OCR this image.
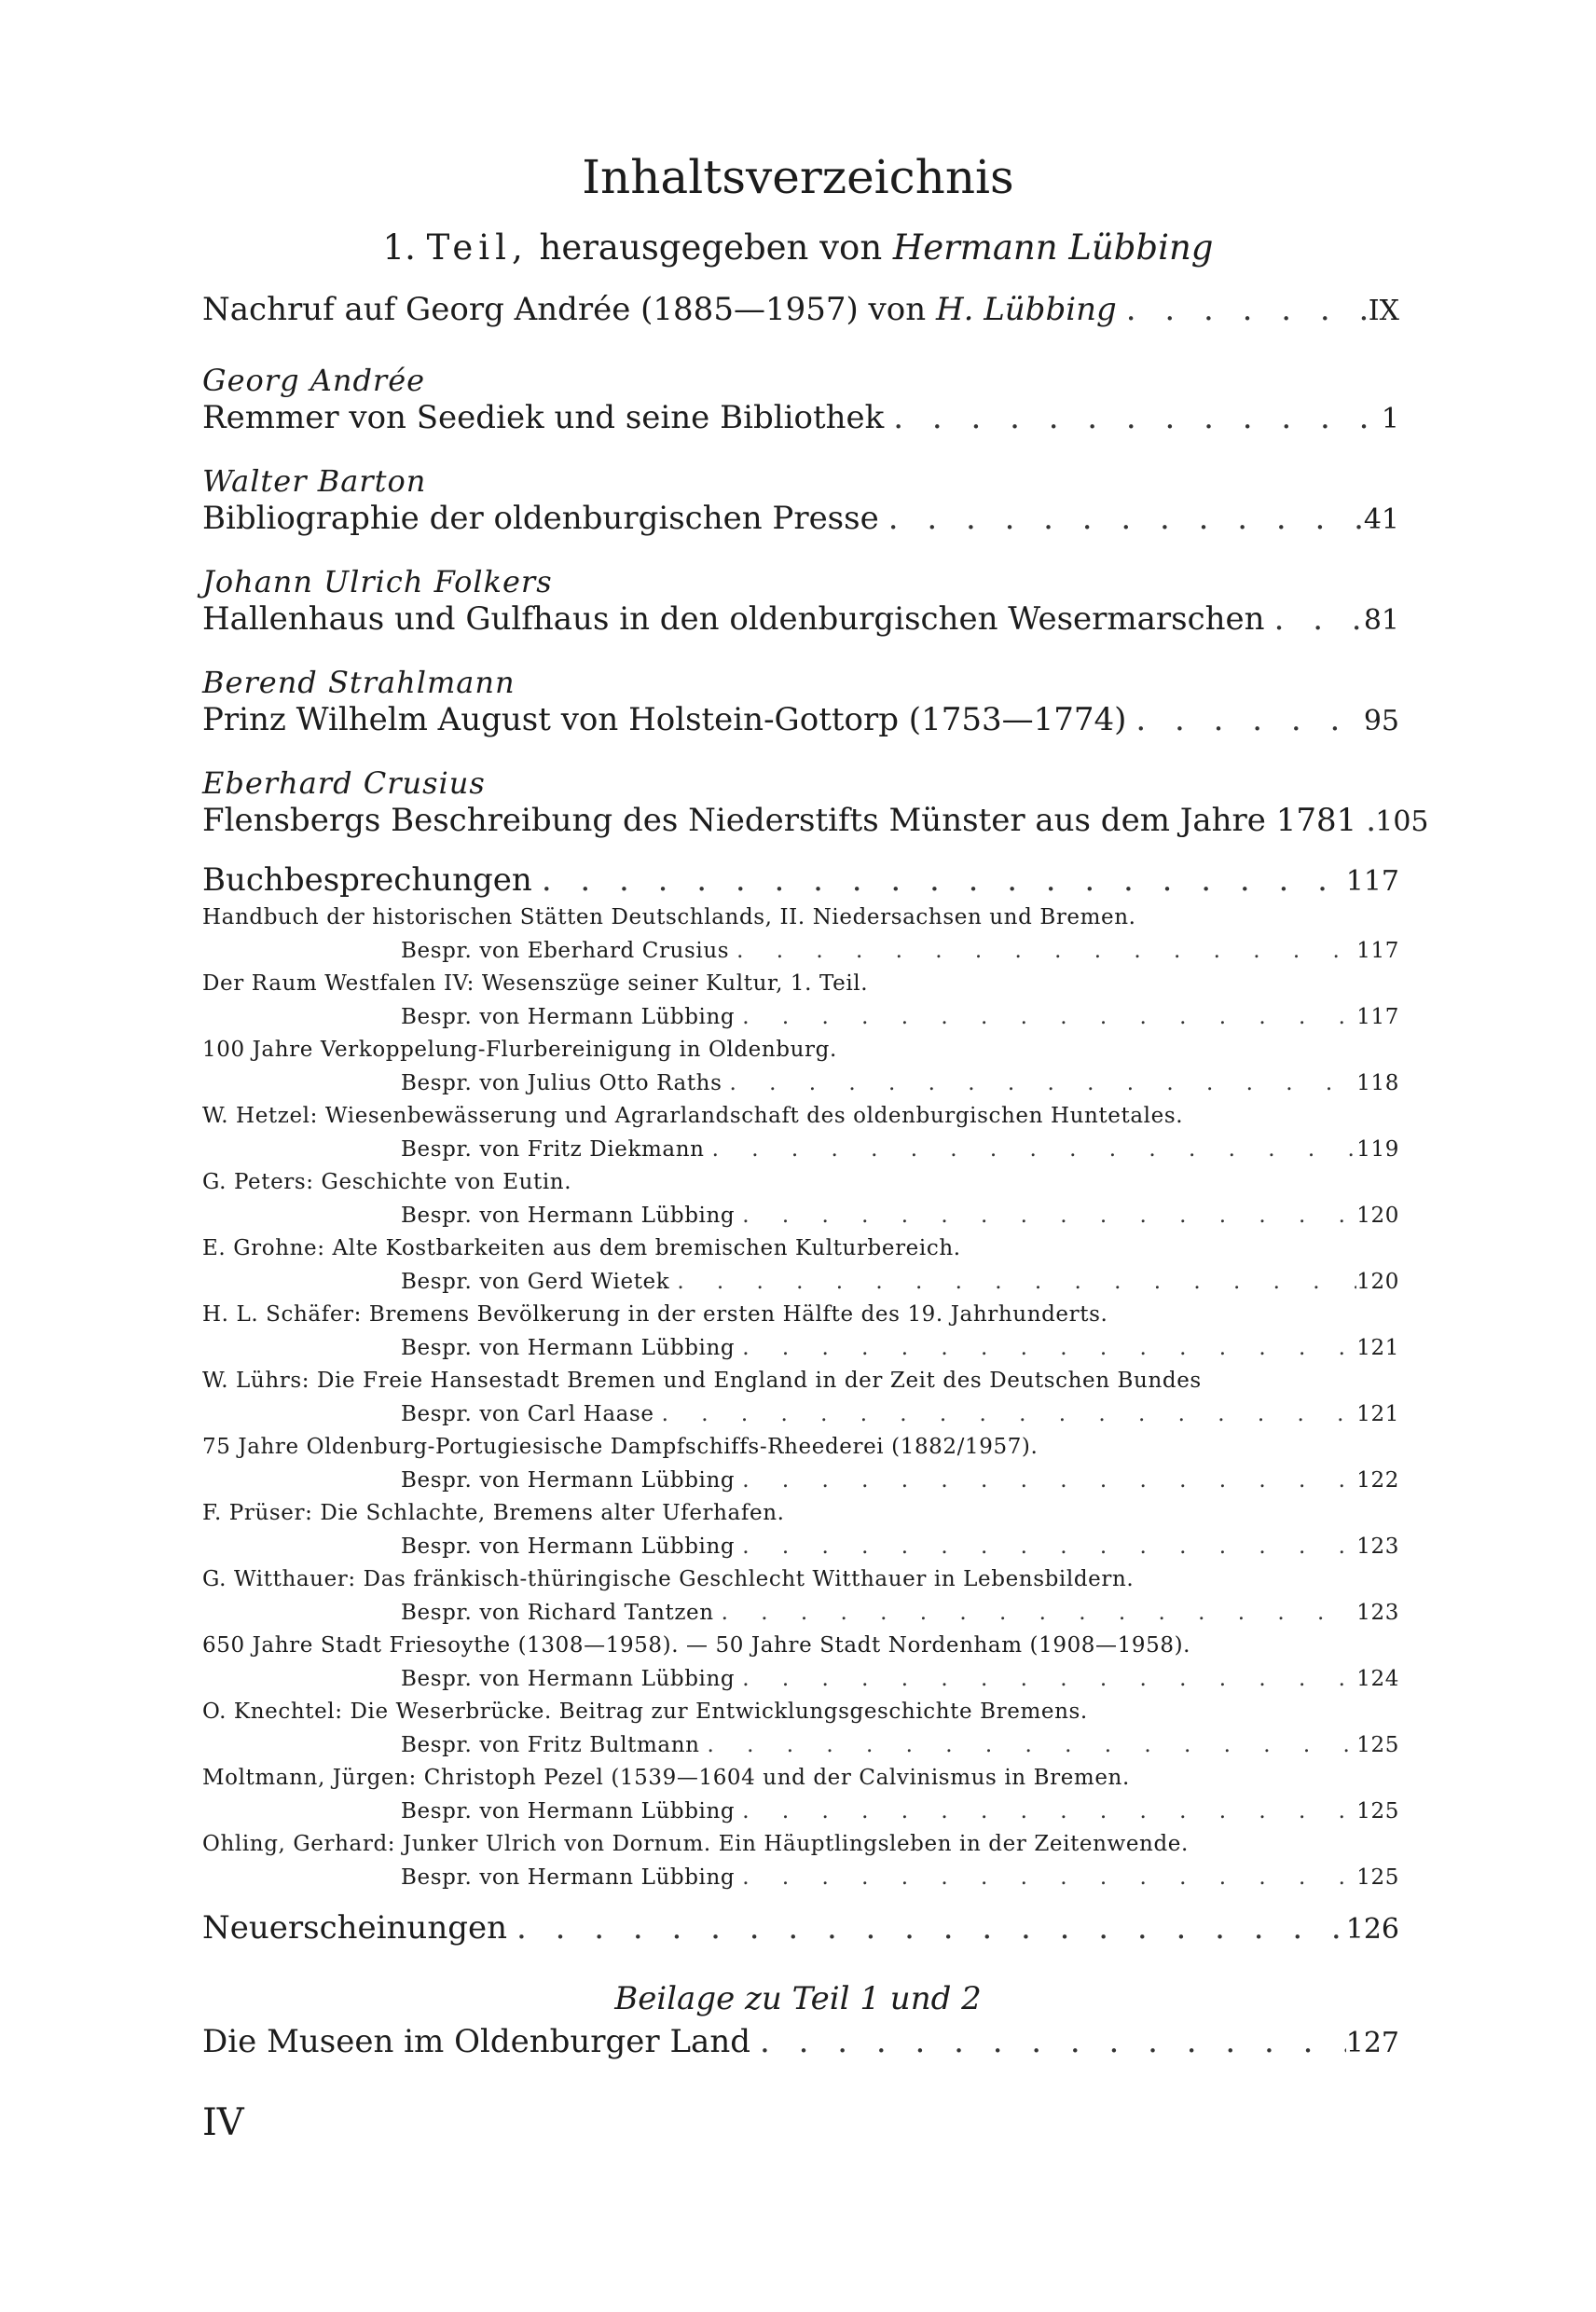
Inhaltsverzeichnis
1. Teil, herausgegeben von Hermann Lübbing
Nachruf auf Georg Andrée (1885—1957) von H. Lübbing . . .	IX
Georg Andrée
Remmer von Seediek und seine Bibliothek . . .	1
Walter Barton
Bibliographie der oldenburgischen Presse . . .	41
Johann Ulrich Folkers
Hallenhaus und Gulfhaus in den oldenburgischen Wesermarschen . . .	81
Berend Strahlmann
Prinz Wilhelm August von Holstein-Gottorp (1753—1774) . . .	95
Eberhard Crusius
Flensbergs Beschreibung des Niederstifts Münster aus dem Jahre 1781 . . . 105
Buchbesprechungen . . .	117
Handbuch der historischen Stätten Deutschlands, II. Niedersachsen und Bremen.
Bespr. von Eberhard Crusius . . .	117
Der Raum Westfalen IV: Wesenszüge seiner Kultur, 1. Teil.
Bespr. von Hermann Lübbing . . .	117
100 Jahre Verkoppelung-Flurbereinigung in Oldenburg.
Bespr. von Julius Otto Raths . . .	118
W. Hetzel: Wiesenbewässerung und Agrarlandschaft des oldenburgischen Huntetales.
Bespr. von Fritz Diekmann . . .	119
G. Peters: Geschichte von Eutin.
Bespr. von Hermann Lübbing . . .	120
E. Grohne: Alte Kostbarkeiten aus dem bremischen Kulturbereich.
Bespr. von Gerd Wietek . . .	120
H. L. Schäfer: Bremens Bevölkerung in der ersten Hälfte des 19. Jahrhunderts.
Bespr. von Hermann Lübbing . . .	121
W. Lührs: Die Freie Hansestadt Bremen und England in der Zeit des Deutschen Bundes
Bespr. von Carl Haase . . .	121
75 Jahre Oldenburg-Portugiesische Dampfschiffs-Rheederei (1882/1957).
Bespr. von Hermann Lübbing . . .	122
F. Prüser: Die Schlachte, Bremens alter Uferhafen.
Bespr. von Hermann Lübbing . . .	123
G. Witthauer: Das fränkisch-thüringische Geschlecht Witthauer in Lebensbildern.
Bespr. von Richard Tantzen . . .	123
650 Jahre Stadt Friesoythe (1308—1958). — 50 Jahre Stadt Nordenham (1908—1958).
Bespr. von Hermann Lübbing . . .	124
O. Knechtel: Die Weserbrücke. Beitrag zur Entwicklungsgeschichte Bremens.
Bespr. von Fritz Bultmann . . .	125
Moltmann, Jürgen: Christoph Pezel (1539—1604 und der Calvinismus in Bremen.
Bespr. von Hermann Lübbing . . .	125
Ohling, Gerhard: Junker Ulrich von Dornum. Ein Häuptlingsleben in der Zeitenwende.
Bespr. von Hermann Lübbing . . .	125
Neuerscheinungen . . .	126
Beilage zu Teil 1 und 2
Die Museen im Oldenburger Land . . .	127
IV
